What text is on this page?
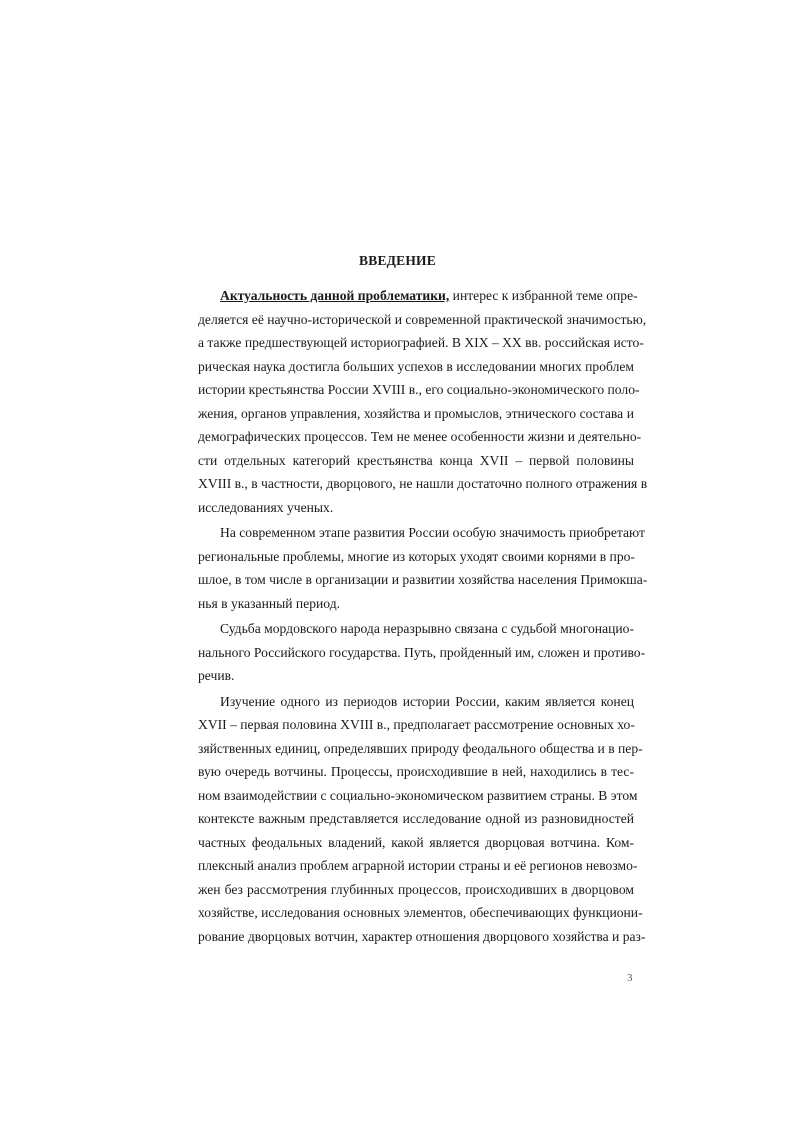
ВВЕДЕНИЕ

Актуальность данной проблематики, интерес к избранной теме опре-
деляется её научно-исторической и современной практической значимостью,
а также предшествующей историографией. В XIX – XX вв. российская исто-
рическая наука достигла больших успехов в исследовании многих проблем
истории крестьянства России XVIII в., его социально-экономического поло-
жения, органов управления, хозяйства и промыслов, этнического состава и
демографических процессов. Тем не менее особенности жизни и деятельно-
сти отдельных категорий крестьянства конца XVII – первой половины
XVIII в., в частности, дворцового, не нашли достаточно полного отражения в
исследованиях ученых.

На современном этапе развития России особую значимость приобретают
региональные проблемы, многие из которых уходят своими корнями в про-
шлое, в том числе в организации и развитии хозяйства населения Примокша-
нья в указанный период.

Судьба мордовского народа неразрывно связана с судьбой многонацио-
нального Российского государства. Путь, пройденный им, сложен и противо-
речив.

Изучение одного из периодов истории России, каким является конец
XVII – первая половина XVIII в., предполагает рассмотрение основных хо-
зяйственных единиц, определявших природу феодального общества и в пер-
вую очередь вотчины. Процессы, происходившие в ней, находились в тес-
ном взаимодействии с социально-экономическом развитием страны. В этом
контексте важным представляется исследование одной из разновидностей
частных феодальных владений, какой является дворцовая вотчина. Ком-
плексный анализ проблем аграрной истории страны и её регионов невозмо-
жен без рассмотрения глубинных процессов, происходивших в дворцовом
хозяйстве, исследования основных элементов, обеспечивающих функциони-
рование дворцовых вотчин, характер отношения дворцового хозяйства и раз-

3
